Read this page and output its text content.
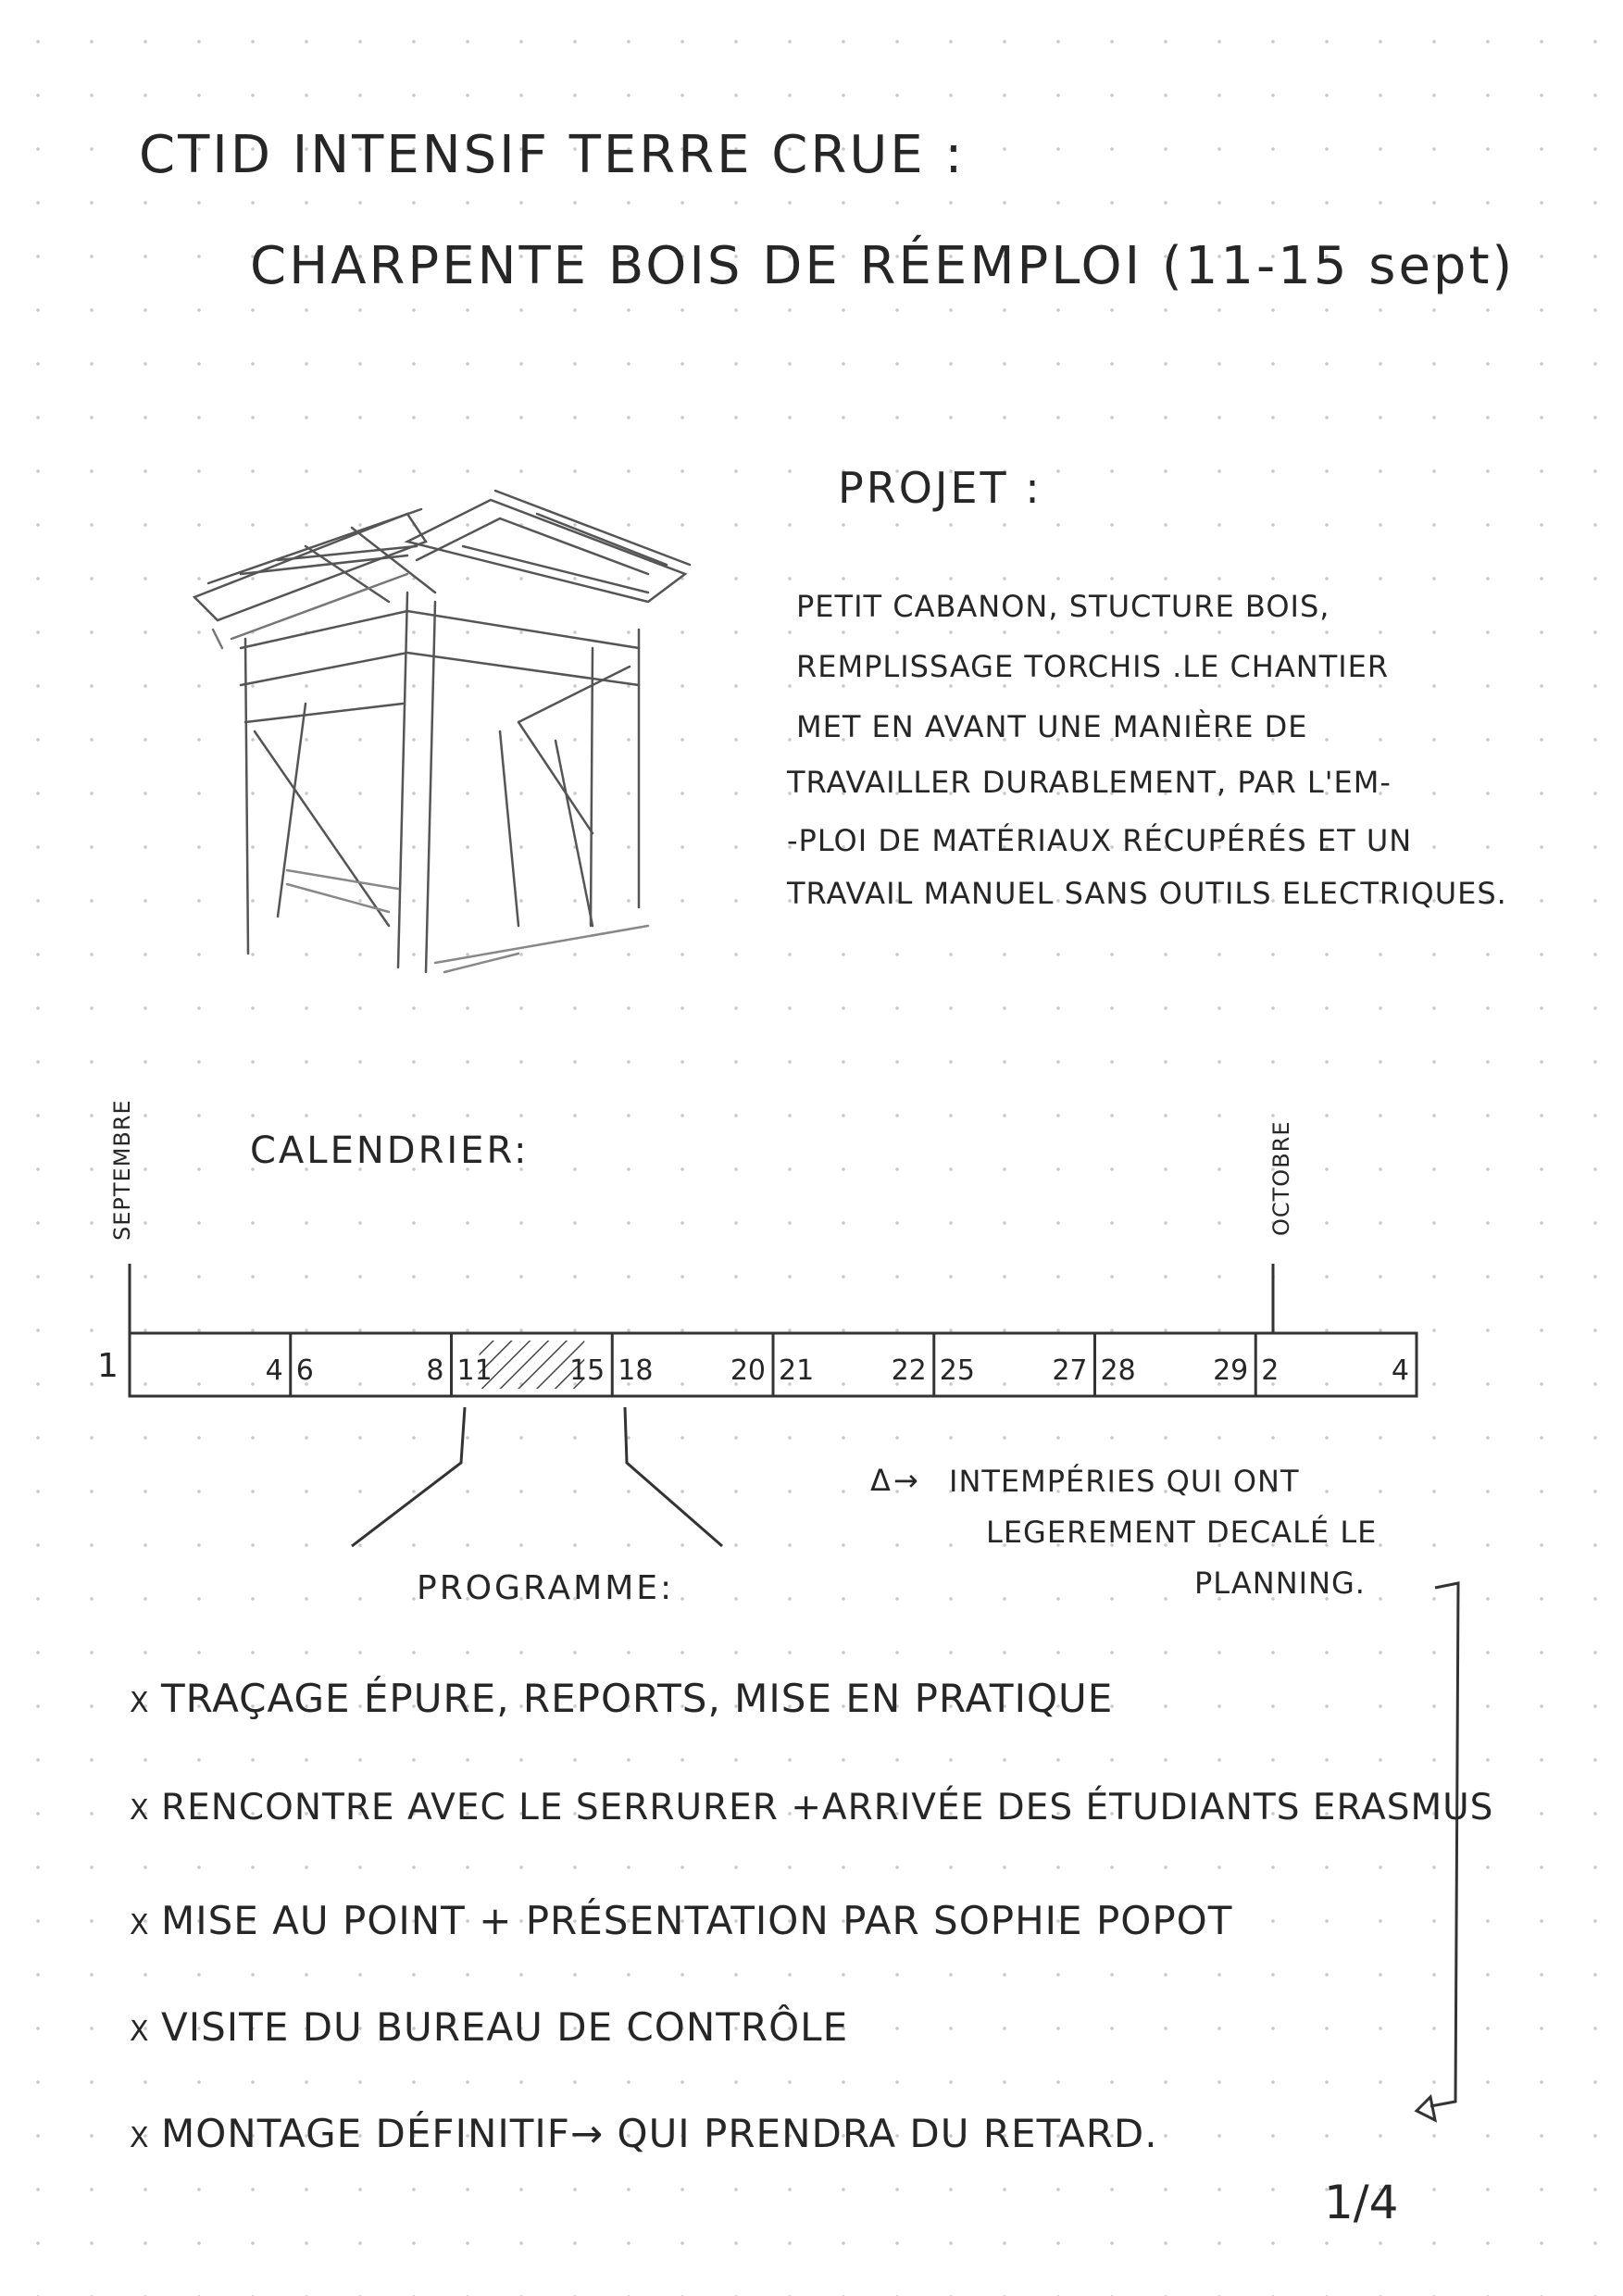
CTID INTENSIF TERRE CRUE :
CHARPENTE BOIS DE RÉEMPLOI (11-15 sept)
PROJET :
PETIT CABANON, STUCTURE BOIS,
REMPLISSAGE TORCHIS .LE CHANTIER
MET EN AVANT UNE MANIÈRE DE
TRAVAILLER DURABLEMENT, PAR L'EM-
-PLOI DE MATÉRIAUX RÉCUPÉRÉS ET UN
TRAVAIL MANUEL SANS OUTILS ELECTRIQUES.
CALENDRIER:
SEPTEMBRE	OCTOBRE
4 6	8 11	15 18	20 21	22 25	27 28	29 2	4
1
Δ→ INTEMPÉRIES QUI ONT
LEGEREMENT DECALÉ LE
PLANNING.
PROGRAMME:
X TRAÇAGE ÉPURE, REPORTS, MISE EN PRATIQUE
X RENCONTRE AVEC LE SERRURER +ARRIVÉE DES ÉTUDIANTS ERASMUS
X MISE AU POINT + PRÉSENTATION PAR SOPHIE POPOT
X VISITE DU BUREAU DE CONTRÔLE
X MONTAGE DÉFINITIF→ QUI PRENDRA DU RETARD.
1/4
